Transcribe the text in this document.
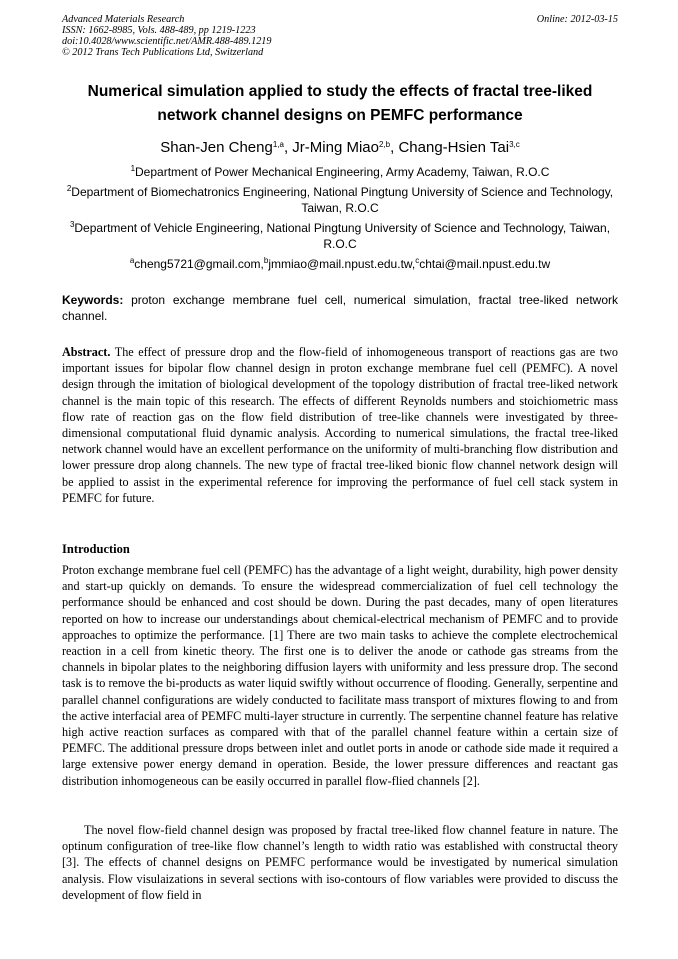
Advanced Materials Research
ISSN: 1662-8985, Vols. 488-489, pp 1219-1223
doi:10.4028/www.scientific.net/AMR.488-489.1219
© 2012 Trans Tech Publications Ltd, Switzerland
Online: 2012-03-15
Numerical simulation applied to study the effects of fractal tree-liked network channel designs on PEMFC performance
Shan-Jen Cheng$^{1,a}$, Jr-Ming Miao$^{2,b}$, Chang-Hsien Tai$^{3,c}$
$^1$Department of Power Mechanical Engineering, Army Academy, Taiwan, R.O.C
$^2$Department of Biomechatronics Engineering, National Pingtung University of Science and Technology, Taiwan, R.O.C
$^3$Department of Vehicle Engineering, National Pingtung University of Science and Technology, Taiwan, R.O.C
$^a$cheng5721@gmail.com,$^b$jmmiao@mail.npust.edu.tw,$^c$chtai@mail.npust.edu.tw
Keywords: proton exchange membrane fuel cell, numerical simulation, fractal tree-liked network channel.
Abstract. The effect of pressure drop and the flow-field of inhomogeneous transport of reactions gas are two important issues for bipolar flow channel design in proton exchange membrane fuel cell (PEMFC). A novel design through the imitation of biological development of the topology distribution of fractal tree-liked network channel is the main topic of this research. The effects of different Reynolds numbers and stoichiometric mass flow rate of reaction gas on the flow field distribution of tree-like channels were investigated by three-dimensional computational fluid dynamic analysis. According to numerical simulations, the fractal tree-liked network channel would have an excellent performance on the uniformity of multi-branching flow distribution and lower pressure drop along channels. The new type of fractal tree-liked bionic flow channel network design will be applied to assist in the experimental reference for improving the performance of fuel cell stack system in PEMFC for future.
Introduction
Proton exchange membrane fuel cell (PEMFC) has the advantage of a light weight, durability, high power density and start-up quickly on demands. To ensure the widespread commercialization of fuel cell technology the performance should be enhanced and cost should be down. During the past decades, many of open literatures reported on how to increase our understandings about chemical-electrical mechanism of PEMFC and to provide approaches to optimize the performance. [1] There are two main tasks to achieve the complete electrochemical reaction in a cell from kinetic theory. The first one is to deliver the anode or cathode gas streams from the channels in bipolar plates to the neighboring diffusion layers with uniformity and less pressure drop. The second task is to remove the bi-products as water liquid swiftly without occurrence of flooding. Generally, serpentine and parallel channel configurations are widely conducted to facilitate mass transport of mixtures flowing to and from the active interfacial area of PEMFC multi-layer structure in currently. The serpentine channel feature has relative high active reaction surfaces as compared with that of the parallel channel feature within a certain size of PEMFC. The additional pressure drops between inlet and outlet ports in anode or cathode side made it required a large extensive power energy demand in operation. Beside, the lower pressure differences and reactant gas distribution inhomogeneous can be easily occurred in parallel flow-flied channels [2].
The novel flow-field channel design was proposed by fractal tree-liked flow channel feature in nature. The optinum configuration of tree-like flow channel’s length to width ratio was established with constructal theory [3]. The effects of channel designs on PEMFC performance would be investigated by numerical simulation analysis. Flow visulaizations in several sections with iso-contours of flow variables were provided to discuss the development of flow field in
